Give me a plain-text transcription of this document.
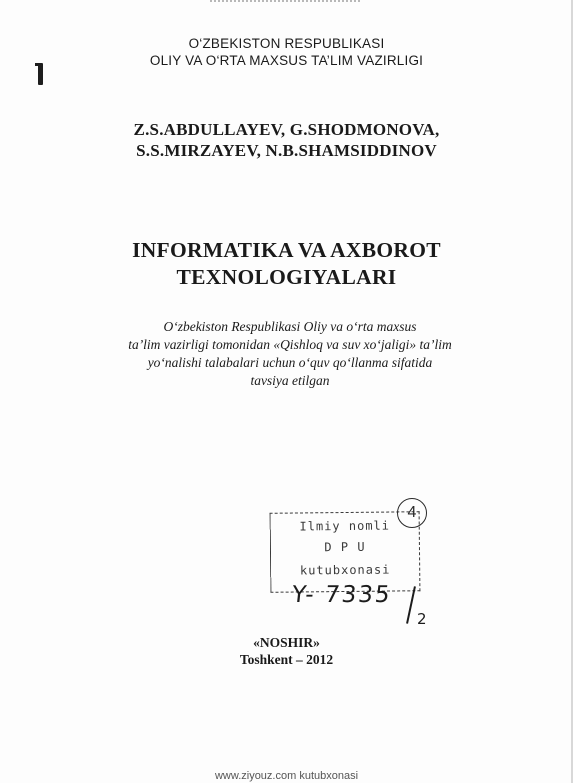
O‘ZBEKISTON RESPUBLIKASI
OLIY VA O‘RTA MAXSUS TA’LIM VAZIRLIGI
Z.S.ABDULLAYEV, G.SHODMONOVA,
S.S.MIRZAYEV, N.B.SHAMSIDDINOV
INFORMATIKA VA AXBOROT
TEXNOLOGIYALARI
O‘zbekiston Respublikasi Oliy va o‘rta maxsus
ta’lim vazirligi tomonidan «Qishloq va suv xo‘jaligi» ta’lim
yo‘nalishi talabalari uchun o‘quv qo‘llanma sifatida
tavsiya etilgan
Ilmiy nomli
D P U
kutubxonasi
4
Y- 7335
2
«NOSHIR»
Toshkent – 2012
www.ziyouz.com kutubxonasi
